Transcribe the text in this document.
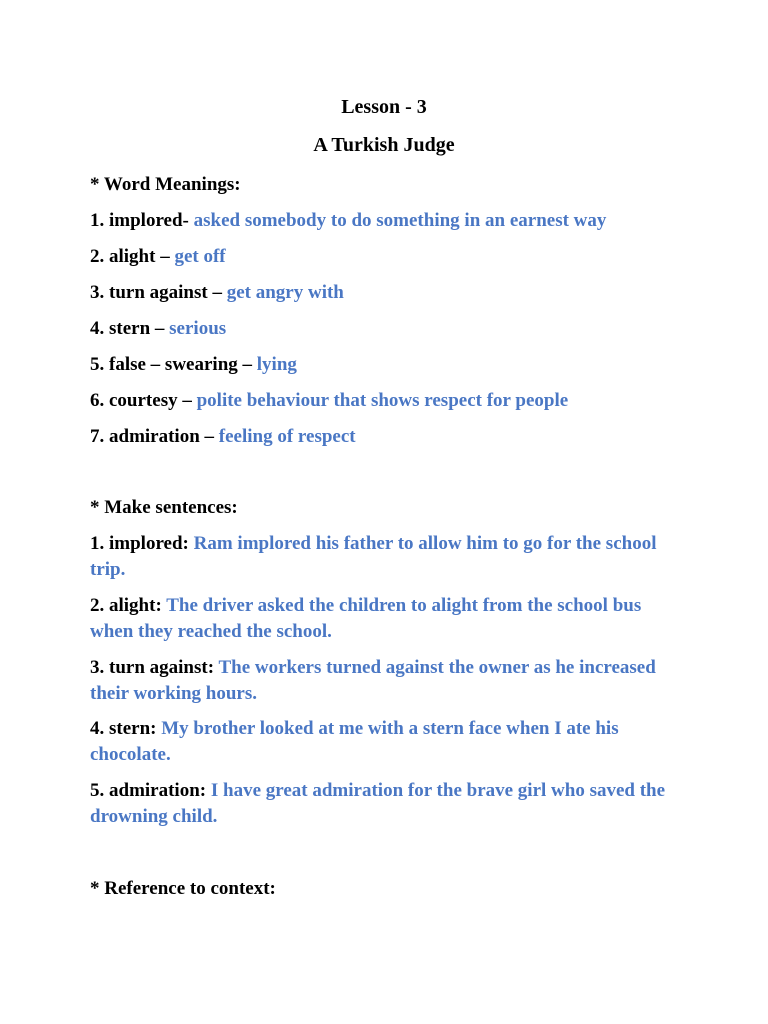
Lesson - 3
A Turkish Judge
* Word Meanings:
1. implored- asked somebody to do something in an earnest way
2. alight – get off
3. turn against – get angry with
4. stern – serious
5. false – swearing – lying
6. courtesy – polite behaviour that shows respect for people
7. admiration – feeling of respect
* Make sentences:
1. implored: Ram implored his father to allow him to go for the school trip.
2. alight: The driver asked the children to alight from the school bus when they reached the school.
3. turn against: The workers turned against the owner as he increased their working hours.
4. stern: My brother looked at me with a stern face when I ate his chocolate.
5. admiration: I have great admiration for the brave girl who saved the drowning child.
* Reference to context:
